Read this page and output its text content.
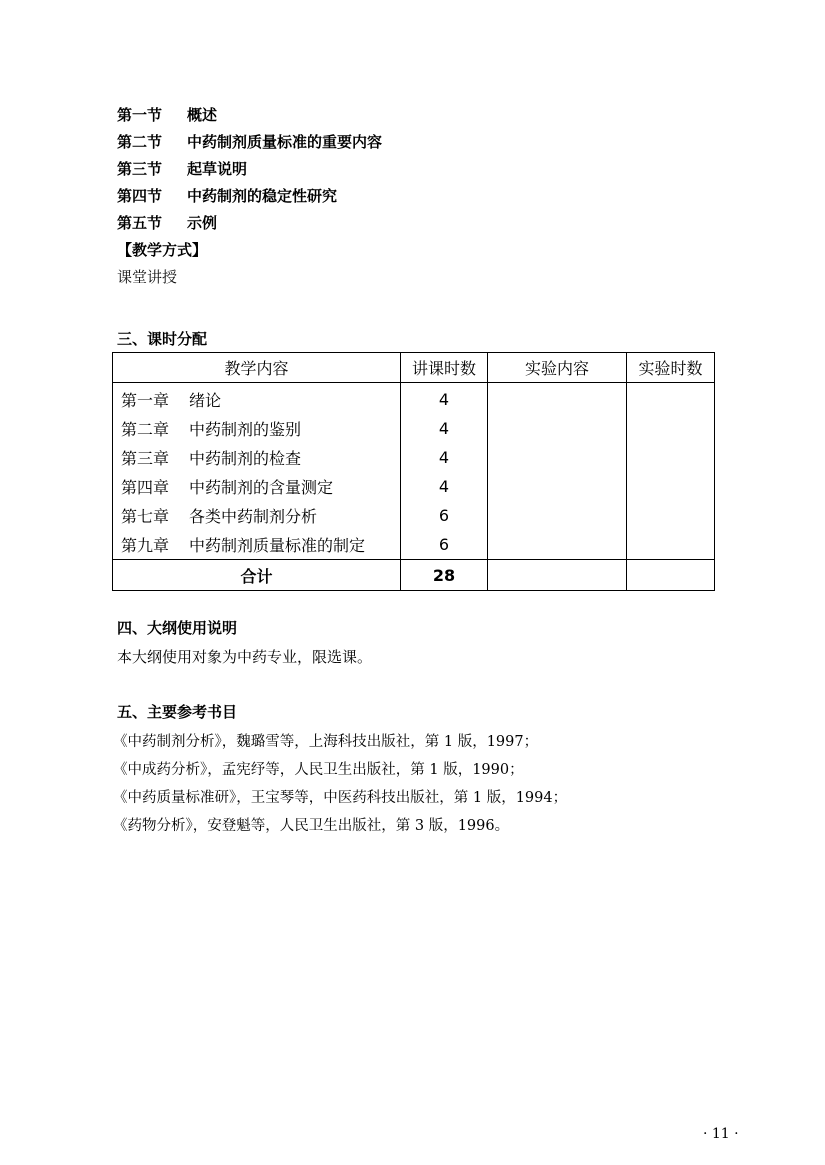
第一节 概述
第二节 中药制剂质量标准的重要内容
第三节 起草说明
第四节 中药制剂的稳定性研究
第五节 示例
【教学方式】
课堂讲授
三、课时分配
教学内容	讲课时数	实验内容	实验时数
第一章 绪论	4		
第二章 中药制剂的鉴别	4		
第三章 中药制剂的检查	4		
第四章 中药制剂的含量测定	4		
第七章 各类中药制剂分析	6		
第九章 中药制剂质量标准的制定	6		
合计	28		
四、大纲使用说明
本大纲使用对象为中药专业，限选课。
五、主要参考书目
《中药制剂分析》，魏璐雪等，上海科技出版社，第 1 版，1997；
《中成药分析》，孟宪纾等，人民卫生出版社，第 1 版，1990；
《中药质量标准研》，王宝琴等，中医药科技出版社，第 1 版，1994；
《药物分析》，安登魁等，人民卫生出版社，第 3 版，1996。
· 11 ·
